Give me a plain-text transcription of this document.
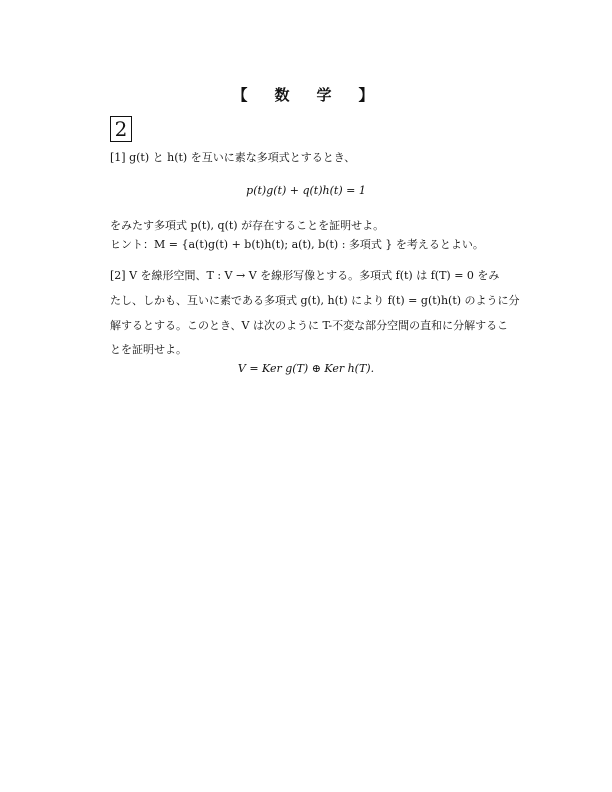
【　数　学　】
2
[1] g(t) と h(t) を互いに素な多項式とするとき、
p(t)g(t) + q(t)h(t) = 1
をみたす多項式 p(t), q(t) が存在することを証明せよ。
ヒント：M = {a(t)g(t) + b(t)h(t); a(t), b(t) : 多項式 } を考えるとよい。
[2] V を線形空間、T : V → V を線形写像とする。多項式 f(t) は f(T) = 0 をみ
たし、しかも、互いに素である多項式 g(t), h(t) により f(t) = g(t)h(t) のように分
解するとする。このとき、V は次のように T-不変な部分空間の直和に分解するこ
とを証明せよ。
V = Ker g(T) ⊕ Ker h(T).
